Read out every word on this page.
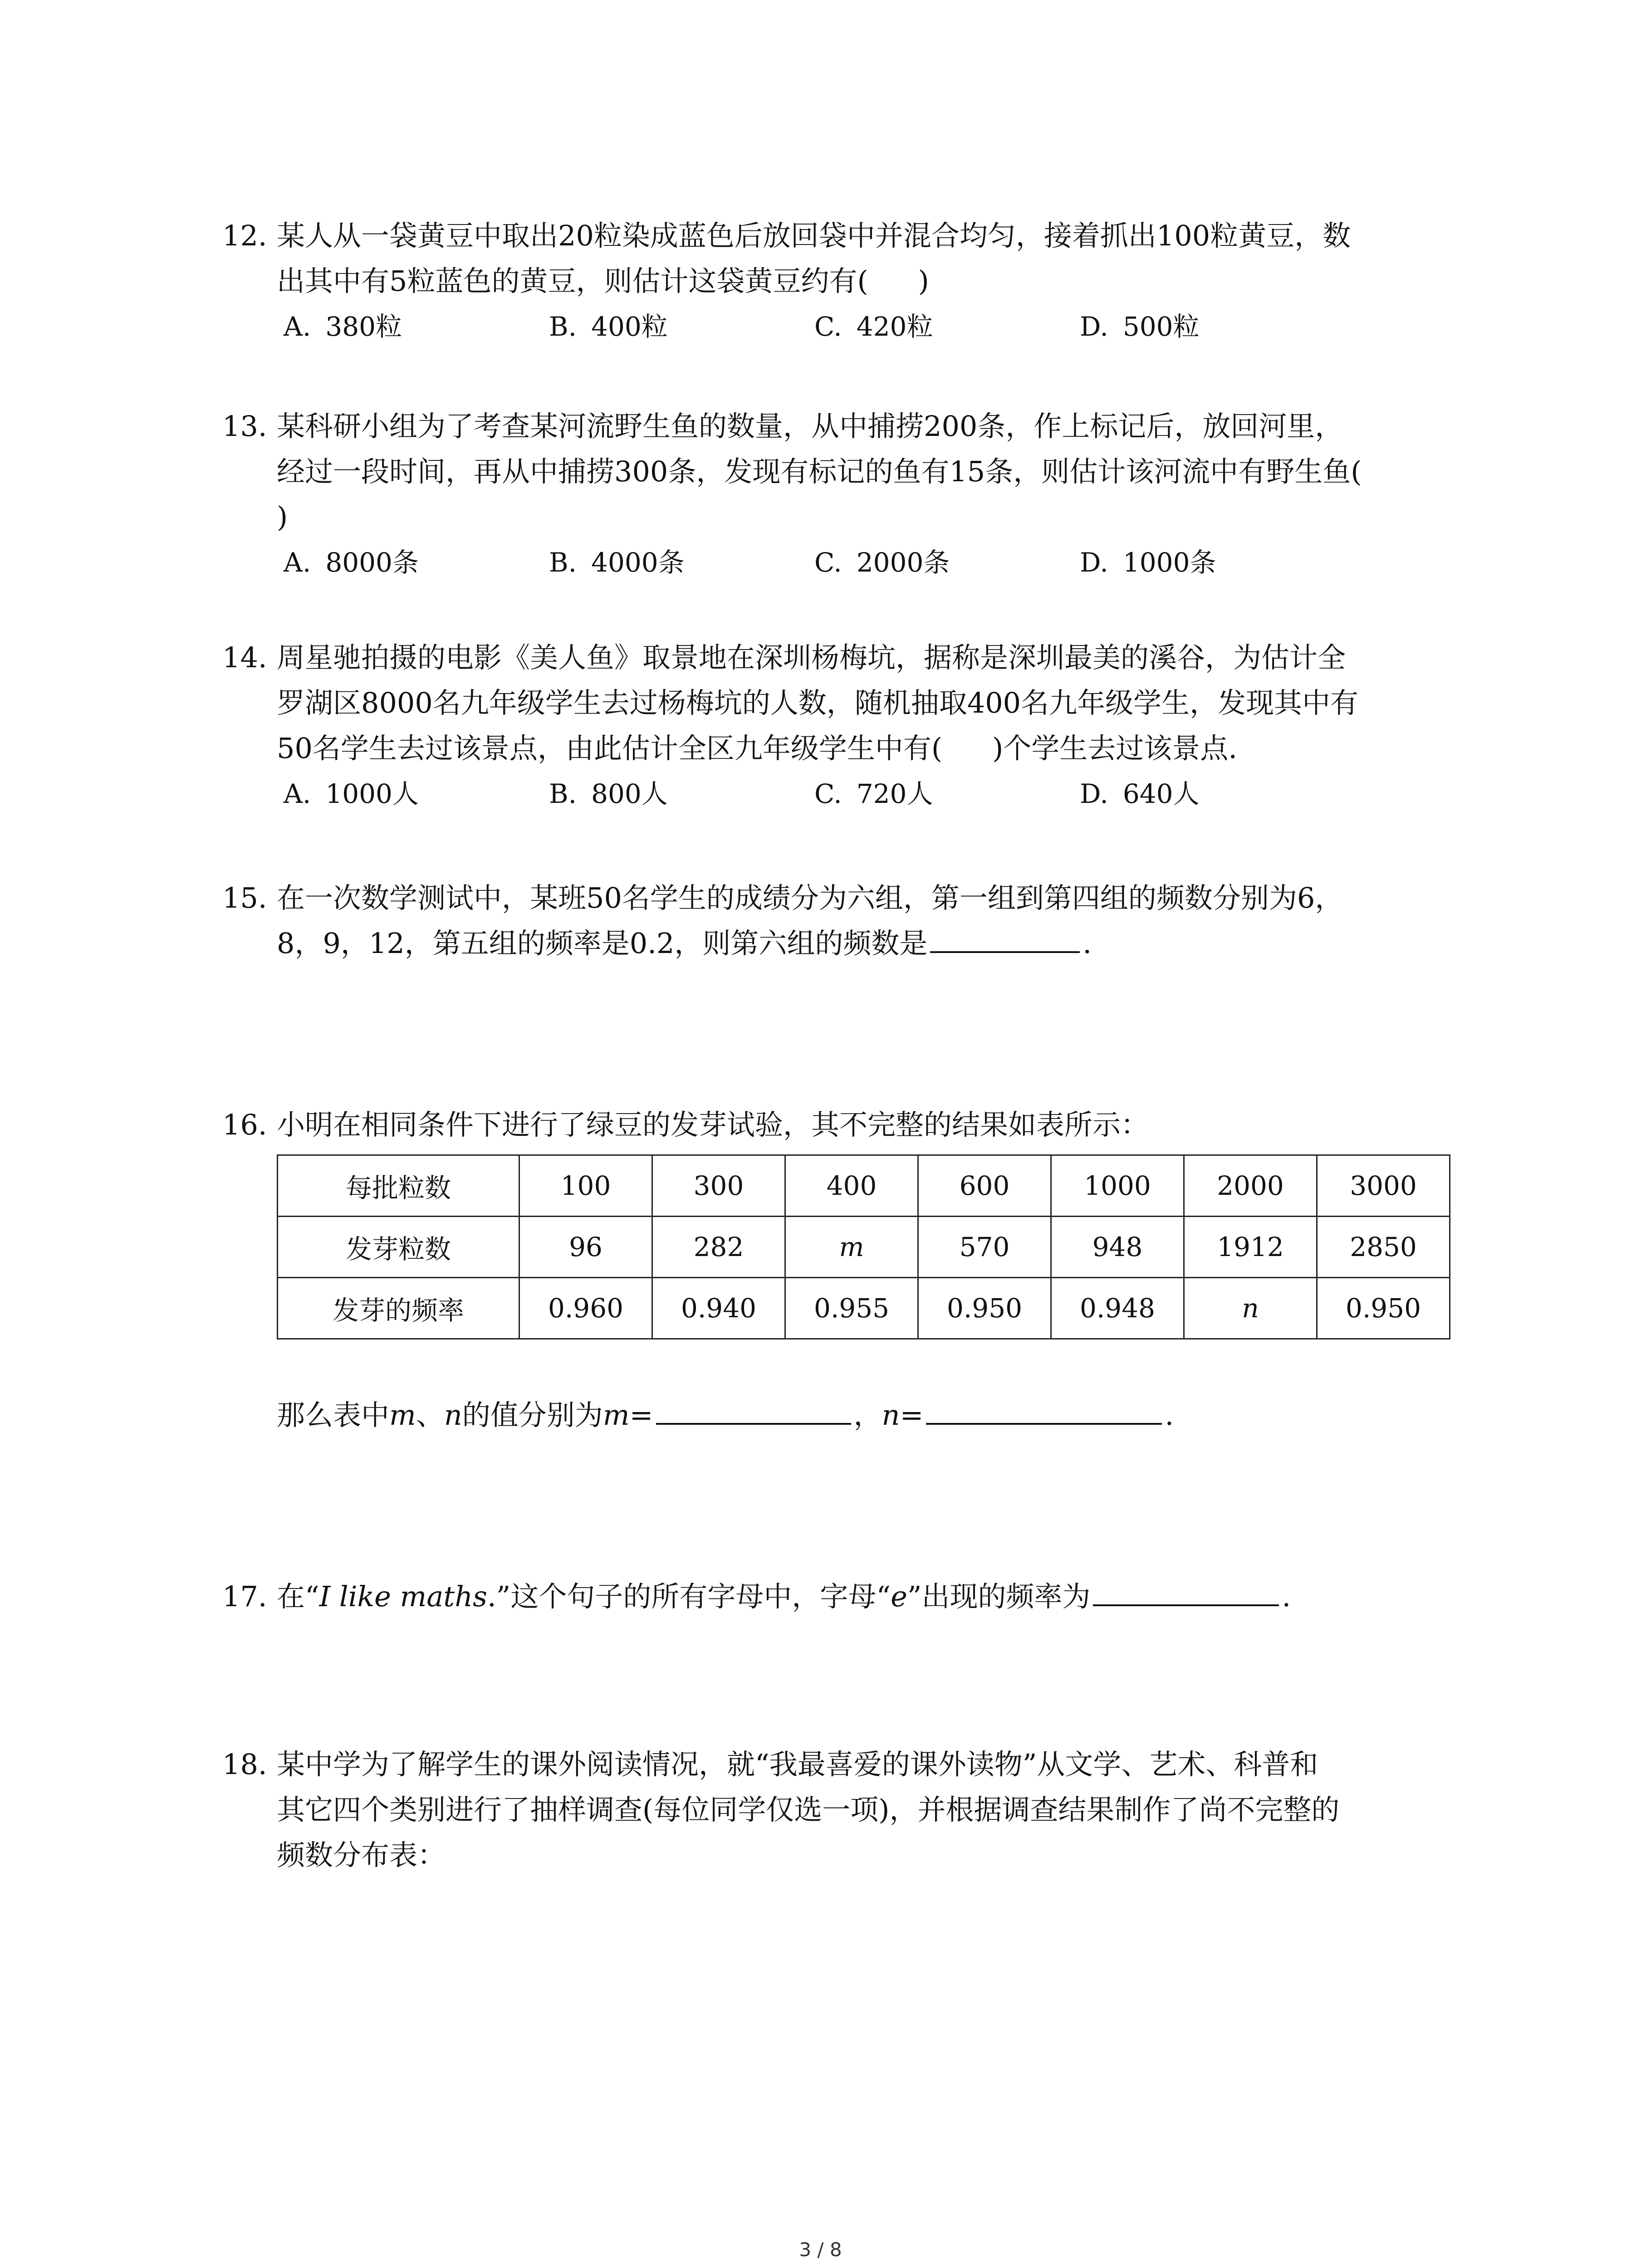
12. 某人从一袋黄豆中取出20粒染成蓝色后放回袋中并混合均匀，接着抓出100粒黄豆，数
出其中有5粒蓝色的黄豆，则估计这袋黄豆约有( )
A. 380粒	B. 400粒	C. 420粒	D. 500粒
13. 某科研小组为了考查某河流野生鱼的数量，从中捕捞200条，作上标记后，放回河里，
经过一段时间，再从中捕捞300条，发现有标记的鱼有15条，则估计该河流中有野生鱼(
)
A. 8000条	B. 4000条	C. 2000条	D. 1000条
14. 周星驰拍摄的电影《美人鱼》取景地在深圳杨梅坑，据称是深圳最美的溪谷，为估计全
罗湖区8000名九年级学生去过杨梅坑的人数，随机抽取400名九年级学生，发现其中有
50名学生去过该景点，由此估计全区九年级学生中有( )个学生去过该景点.
A. 1000人	B. 800人	C. 720人	D. 640人
15. 在一次数学测试中，某班50名学生的成绩分为六组，第一组到第四组的频数分别为6，
8，9，12，第五组的频率是0.2，则第六组的频数是	.
16. 小明在相同条件下进行了绿豆的发芽试验，其不完整的结果如表所示：
每批粒数	100	300	400	600	1000	2000	3000
发芽粒数	96	282	m	570	948	1912	2850
发芽的频率	0.960	0.940	0.955	0.950	0.948	n	0.950
那么表中m、n的值分别为m=	，n=	.
17. 在“I like maths.”这个句子的所有字母中，字母“e”出现的频率为	.
18. 某中学为了解学生的课外阅读情况，就“我最喜爱的课外读物”从文学、艺术、科普和
其它四个类别进行了抽样调查(每位同学仅选一项)，并根据调查结果制作了尚不完整的
频数分布表：
3 / 8
